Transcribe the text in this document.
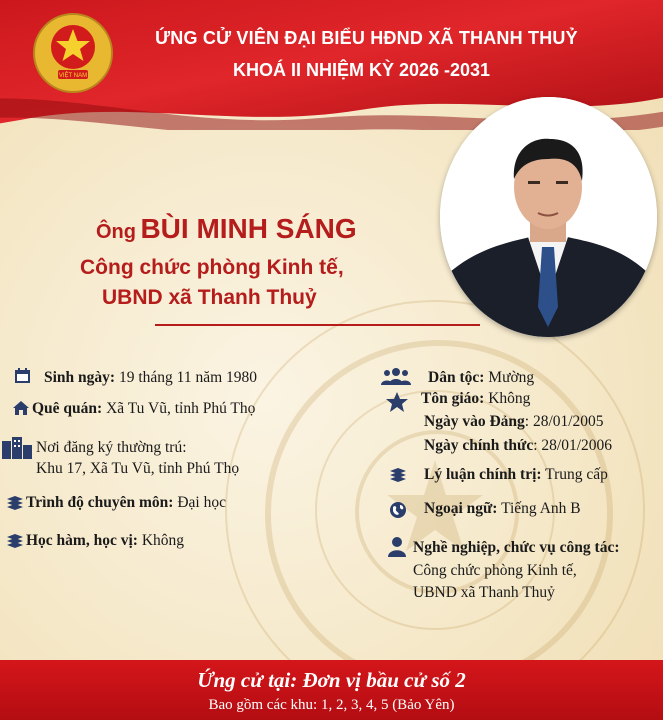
VIỆT NAM
ỨNG CỬ VIÊN ĐẠI BIỂU HĐND XÃ THANH THUỶ
KHOÁ II NHIỆM KỲ 2026 -2031
Ông BÙI MINH SÁNG
Công chức phòng Kinh tế,
UBND xã Thanh Thuỷ
Sinh ngày: 19 tháng 11 năm 1980
Quê quán: Xã Tu Vũ, tỉnh Phú Thọ
Nơi đăng ký thường trú:
Khu 17, Xã Tu Vũ, tỉnh Phú Thọ
Trình độ chuyên môn: Đại học
Học hàm, học vị: Không
Dân tộc: Mường
Tôn giáo: Không
Ngày vào Đảng: 28/01/2005
Ngày chính thức: 28/01/2006
Lý luận chính trị: Trung cấp
Ngoại ngữ: Tiếng Anh B
Nghề nghiệp, chức vụ công tác:
Công chức phòng Kinh tế,
UBND xã Thanh Thuỷ
Ứng cử tại: Đơn vị bầu cử số 2
Bao gồm các khu: 1, 2, 3, 4, 5 (Bảo Yên)
